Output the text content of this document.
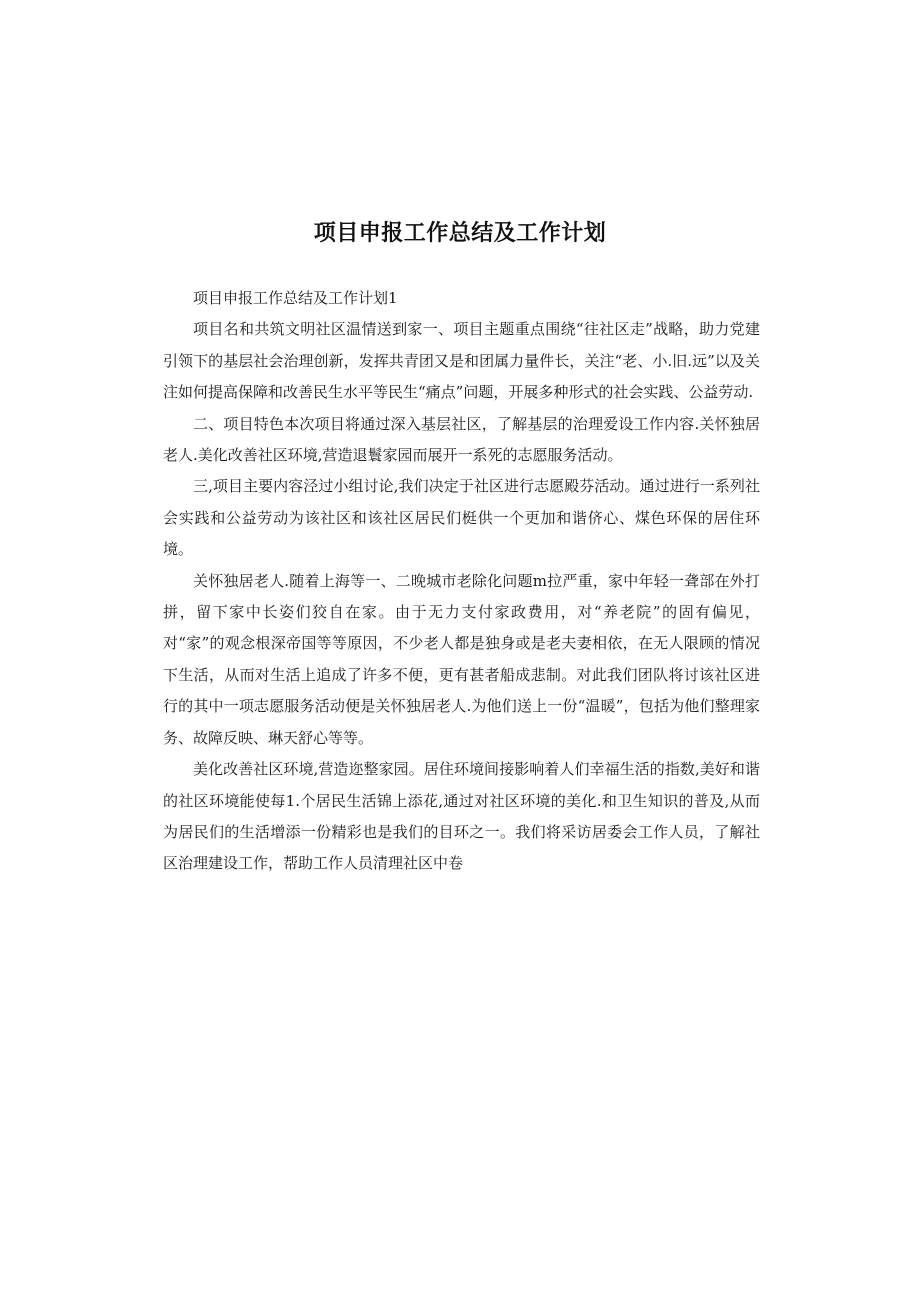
项目申报工作总结及工作计划

项目申报工作总结及工作计划1

项目名和共筑文明社区温情送到家一、项目主题重点围绕“往社区走”战略，助力党建引领下的基层社会治理创新，发挥共青团又是和团属力量件长，关注“老、小.旧.远”以及关注如何提高保障和改善民生水平等民生“痛点”问题，开展多种形式的社会实践、公益劳动.

二、项目特色本次项目将通过深入基层社区，了解基层的治理爱设工作内容.关怀独居老人.美化改善社区环境,营造退鬟家园而展开一系死的志愿服务活动。

三,项目主要内容泾过小组讨论,我们决定于社区进行志愿殿芬活动。通过进行一系列社会实践和公益劳动为该社区和该社区居民们梃供一个更加和谐侪心、煤色环保的居住环境。

关怀独居老人.随着上海等一、二晚城市老除化问题m拉严重，家中年轻一聋部在外打拼，留下家中长姿们狡自在家。由于无力支付家政费用，对“养老院”的固有偏见，对“家”的观念根深帝国等等原因，不少老人都是独身或是老夫妻相依，在无人限顾的情况下生活，从而对生活上追成了许多不便，更有甚者船成悲制。对此我们团队将讨该社区进行的其中一项志愿服务活动便是关怀独居老人.为他们送上一份“温暖”，包括为他们整理家务、故障反映、琳天舒心等等。

美化改善社区环境,营造迩整家园。居住环境间接影响着人们幸福生活的指数,美好和谐的社区环境能使每1.个居民生活锦上添花,通过对社区环境的美化.和卫生知识的普及,从而为居民们的生活增添一份精彩也是我们的目环之一。我们将采访居委会工作人员，了解社区治理建设工作，帮助工作人员清理社区中卷
